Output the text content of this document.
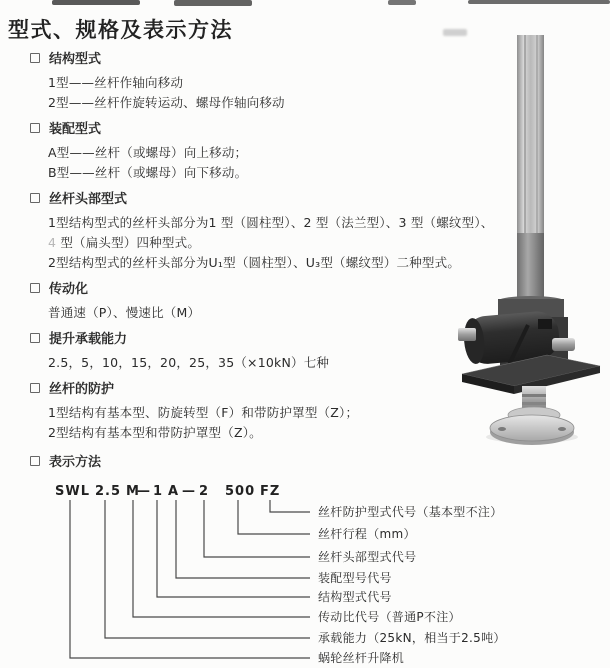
型式、规格及表示方法
结构型式
1型——丝杆作轴向移动
2型——丝杆作旋转运动、螺母作轴向移动
装配型式
A型——丝杆（或螺母）向上移动；
B型——丝杆（或螺母）向下移动。
丝杆头部型式
1型结构型式的丝杆头部分为1 型（圆柱型）、2 型（法兰型）、3 型（螺纹型）、
4 型（扁头型）四种型式。
2型结构型式的丝杆头部分为U₁型（圆柱型）、U₃型（螺纹型）二种型式。
传动化
普通速（P）、慢速比（M）
提升承载能力
2.5，5，10，15，20，25，35（×10kN）七种
丝杆的防护
1型结构有基本型、防旋转型（F）和带防护罩型（Z）；
2型结构有基本型和带防护罩型（Z）。
表示方法
SWL 2.5 M
— 1 A — 2 500 FZ
丝杆防护型式代号（基本型不注）
丝杆行程（mm）
丝杆头部型式代号
装配型号代号
结构型式代号
传动比代号（普通P不注）
承载能力（25kN，相当于2.5吨）
蜗轮丝杆升降机
